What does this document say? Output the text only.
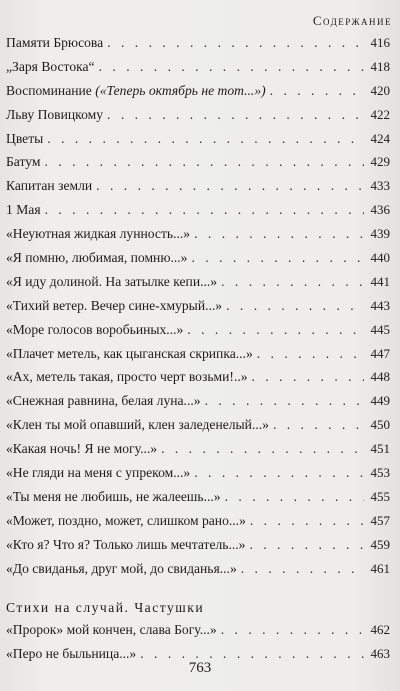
Содержание
Памяти Брюсова . . .	416
„Заря Востока“ . . .	418
Воспоминание («Теперь октябрь не тот...») . . .	420
Льву Повицкому . . .	422
Цветы . . .	424
Батум . . .	429
Капитан земли . . .	433
1 Мая . . .	436
«Неуютная жидкая лунность...» . . .	439
«Я помню, любимая, помню...» . . .	440
«Я иду долиной. На затылке кепи...» . . .	441
«Тихий ветер. Вечер сине-хмурый...» . . .	443
«Море голосов воробьиных...» . . .	445
«Плачет метель, как цыганская скрипка...» . . .	447
«Ах, метель такая, просто черт возьми!..» . . .	448
«Снежная равнина, белая луна...» . . .	449
«Клен ты мой опавший, клен заледенелый...» . . .	450
«Какая ночь! Я не могу...» . . .	451
«Не гляди на меня с упреком...» . . .	453
«Ты меня не любишь, не жалеешь...» . . .	455
«Может, поздно, может, слишком рано...» . . .	457
«Кто я? Что я? Только лишь мечтатель...» . . .	459
«До свиданья, друг мой, до свиданья...» . . .	461
Стихи на случай. Частушки
«Пророк» мой кончен, слава Богу...» . . .	462
«Перо не быльница...» . . .	463
763
